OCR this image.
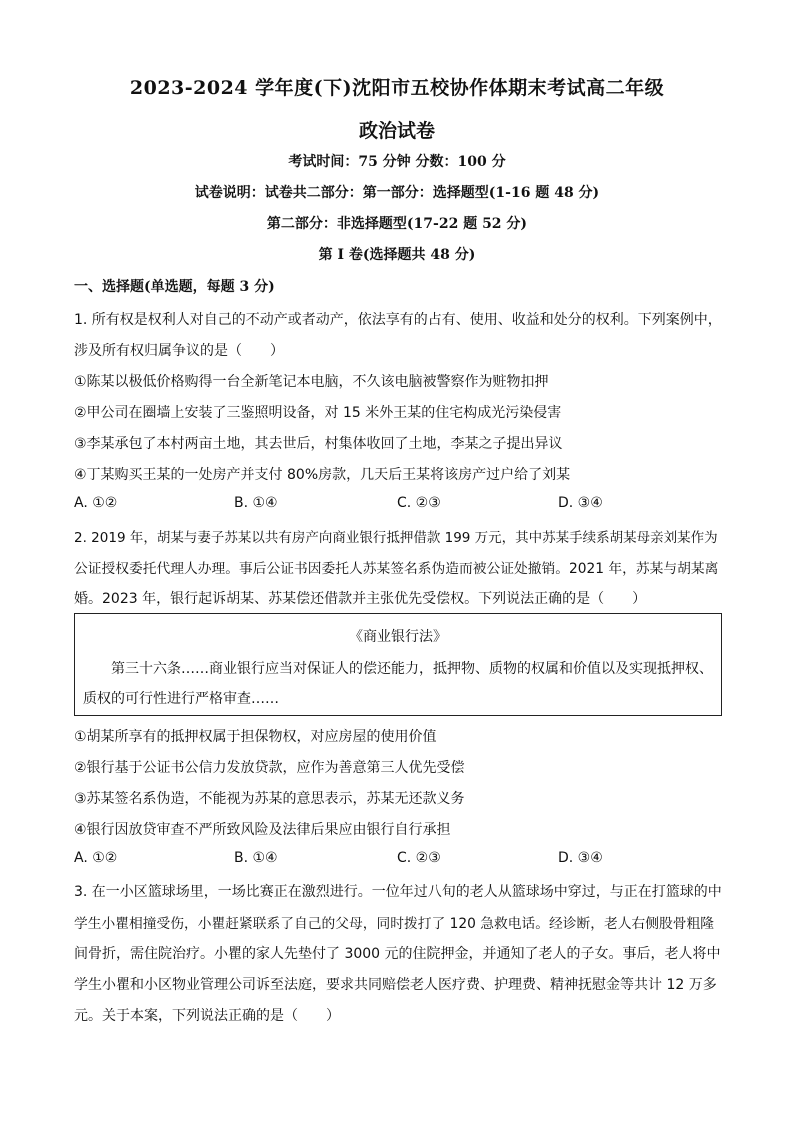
2023-2024 学年度(下)沈阳市五校协作体期末考试高二年级
政治试卷
考试时间：75 分钟 分数：100 分
试卷说明：试卷共二部分：第一部分：选择题型(1-16 题 48 分)
第二部分：非选择题型(17-22 题 52 分)
第 I 卷(选择题共 48 分)
一、选择题(单选题，每题 3 分)
1. 所有权是权利人对自己的不动产或者动产，依法享有的占有、使用、收益和处分的权利。下列案例中，
涉及所有权归属争议的是（　　）
①陈某以极低价格购得一台全新笔记本电脑，不久该电脑被警察作为赃物扣押
②甲公司在圈墙上安装了三鉴照明设备，对 15 米外王某的住宅构成光污染侵害
③李某承包了本村两亩土地，其去世后，村集体收回了土地，李某之子提出异议
④丁某购买王某的一处房产并支付 80%房款，几天后王某将该房产过户给了刘某
A. ①②	B. ①④	C. ②③	D. ③④
2. 2019 年，胡某与妻子苏某以共有房产向商业银行抵押借款 199 万元，其中苏某手续系胡某母亲刘某作为
公证授权委托代理人办理。事后公证书因委托人苏某签名系伪造而被公证处撤销。2021 年，苏某与胡某离
婚。2023 年，银行起诉胡某、苏某偿还借款并主张优先受偿权。下列说法正确的是（　　）
《商业银行法》
　　第三十六条……商业银行应当对保证人的偿还能力，抵押物、质物的权属和价值以及实现抵押权、
质权的可行性进行严格审查……
①胡某所享有的抵押权属于担保物权，对应房屋的使用价值
②银行基于公证书公信力发放贷款，应作为善意第三人优先受偿
③苏某签名系伪造，不能视为苏某的意思表示，苏某无还款义务
④银行因放贷审查不严所致风险及法律后果应由银行自行承担
A. ①②	B. ①④	C. ②③	D. ③④
3. 在一小区篮球场里，一场比赛正在激烈进行。一位年过八旬的老人从篮球场中穿过，与正在打篮球的中
学生小瞿相撞受伤，小瞿赶紧联系了自己的父母，同时拨打了 120 急救电话。经诊断，老人右侧股骨粗隆
间骨折，需住院治疗。小瞿的家人先垫付了 3000 元的住院押金，并通知了老人的子女。事后，老人将中
学生小瞿和小区物业管理公司诉至法庭，要求共同赔偿老人医疗费、护理费、精神抚慰金等共计 12 万多
元。关于本案，下列说法正确的是（　　）
